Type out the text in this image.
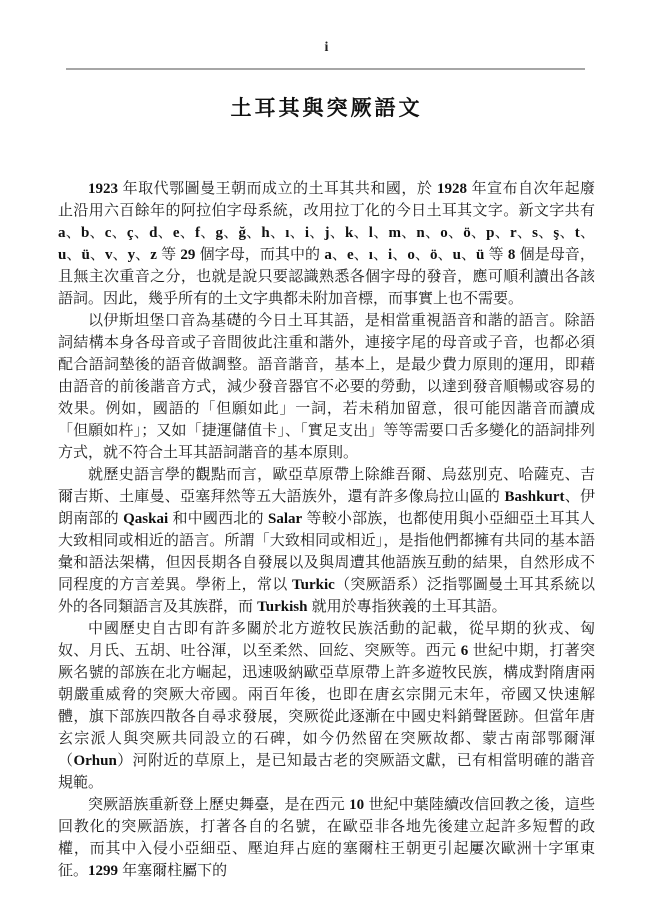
i
土耳其與突厥語文

1923 年取代鄂圖曼王朝而成立的土耳其共和國，於 1928 年宣布自次年起廢止沿用六百餘年的阿拉伯字母系統，改用拉丁化的今日土耳其文字。新文字共有 a、b、c、ç、d、e、f、g、ğ、h、ı、i、j、k、l、m、n、o、ö、p、r、s、ş、t、u、ü、v、y、z 等 29 個字母，而其中的 a、e、ı、i、o、ö、u、ü 等 8 個是母音，且無主次重音之分，也就是說只要認識熟悉各個字母的發音，應可順利讀出各該語詞。因此，幾乎所有的土文字典都未附加音標，而事實上也不需要。

以伊斯坦堡口音為基礎的今日土耳其語，是相當重視語音和諧的語言。除語詞結構本身各母音或子音間彼此注重和諧外，連接字尾的母音或子音，也都必須配合語詞墊後的語音做調整。語音諧音，基本上，是最少費力原則的運用，即藉由語音的前後諧音方式，減少發音器官不必要的勞動，以達到發音順暢或容易的效果。例如，國語的「但願如此」一詞，若未稍加留意，很可能因諧音而讀成「但願如杵」；又如「捷運儲值卡」、「實足支出」等等需要口舌多變化的語詞排列方式，就不符合土耳其語詞諧音的基本原則。

就歷史語言學的觀點而言，歐亞草原帶上除維吾爾、烏茲別克、哈薩克、吉爾吉斯、土庫曼、亞塞拜然等五大語族外，還有許多像烏拉山區的 Bashkurt、伊朗南部的 Qaskai 和中國西北的 Salar 等較小部族，也都使用與小亞細亞土耳其人大致相同或相近的語言。所謂「大致相同或相近」，是指他們都擁有共同的基本語彙和語法架構，但因長期各自發展以及與周遭其他語族互動的結果，自然形成不同程度的方言差異。學術上，常以 Turkic（突厥語系）泛指鄂圖曼土耳其系統以外的各同類語言及其族群，而 Turkish 就用於專指狹義的土耳其語。

中國歷史自古即有許多關於北方遊牧民族活動的記載，從早期的狄戎、匈奴、月氏、五胡、吐谷渾，以至柔然、回紇、突厥等。西元 6 世紀中期，打著突厥名號的部族在北方崛起，迅速吸納歐亞草原帶上許多遊牧民族，構成對隋唐兩朝嚴重威脅的突厥大帝國。兩百年後，也即在唐玄宗開元末年，帝國又快速解體，旗下部族四散各自尋求發展，突厥從此逐漸在中國史料銷聲匿跡。但當年唐玄宗派人與突厥共同設立的石碑，如今仍然留在突厥故都、蒙古南部鄂爾渾（Orhun）河附近的草原上，是已知最古老的突厥語文獻，已有相當明確的諧音規範。

突厥語族重新登上歷史舞臺，是在西元 10 世紀中葉陸續改信回教之後，這些回教化的突厥語族，打著各自的名號，在歐亞非各地先後建立起許多短暫的政權，而其中入侵小亞細亞、壓迫拜占庭的塞爾柱王朝更引起屢次歐洲十字軍東征。1299 年塞爾柱屬下的
